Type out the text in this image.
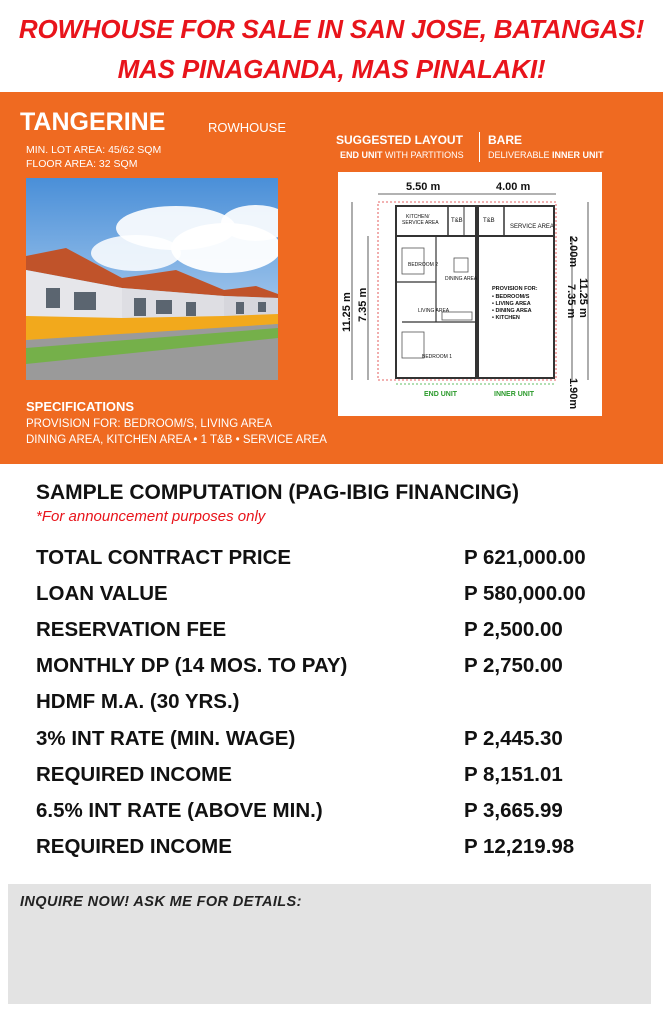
ROWHOUSE FOR SALE IN SAN JOSE, BATANGAS!
MAS PINAGANDA, MAS PINALAKI!
TANGERINE	ROWHOUSE
MIN. LOT AREA: 45/62 SQM
FLOOR AREA: 32 SQM
SUGGESTED LAYOUT
END UNIT WITH PARTITIONS
BARE
DELIVERABLE INNER UNIT
5.50 m	4.00 m
KITCHEN/
SERVICE AREA T&B	T&B
SERVICE AREA
BEDROOM 2
DINING AREA
LIVING AREA
BEDROOM 1
PROVISION FOR:
• BEDROOM/S
• LIVING AREA
• DINING AREA
• KITCHEN
END UNIT	INNER UNIT
11.25 m 7.35 m
2.00m
11.25 m
7.35 m
1.90m
SPECIFICATIONS
PROVISION FOR: BEDROOM/S, LIVING AREA
DINING AREA, KITCHEN AREA • 1 T&B • SERVICE AREA
SAMPLE COMPUTATION (PAG-IBIG FINANCING)
*For announcement purposes only
TOTAL CONTRACT PRICE	P 621,000.00
LOAN VALUE	P 580,000.00
RESERVATION FEE	P 2,500.00
MONTHLY DP (14 MOS. TO PAY)	P 2,750.00
HDMF M.A. (30 YRS.)
3% INT RATE (MIN. WAGE)	P 2,445.30
REQUIRED INCOME	P 8,151.01
6.5% INT RATE (ABOVE MIN.)	P 3,665.99
REQUIRED INCOME	P 12,219.98
INQUIRE NOW! ASK ME FOR DETAILS:
